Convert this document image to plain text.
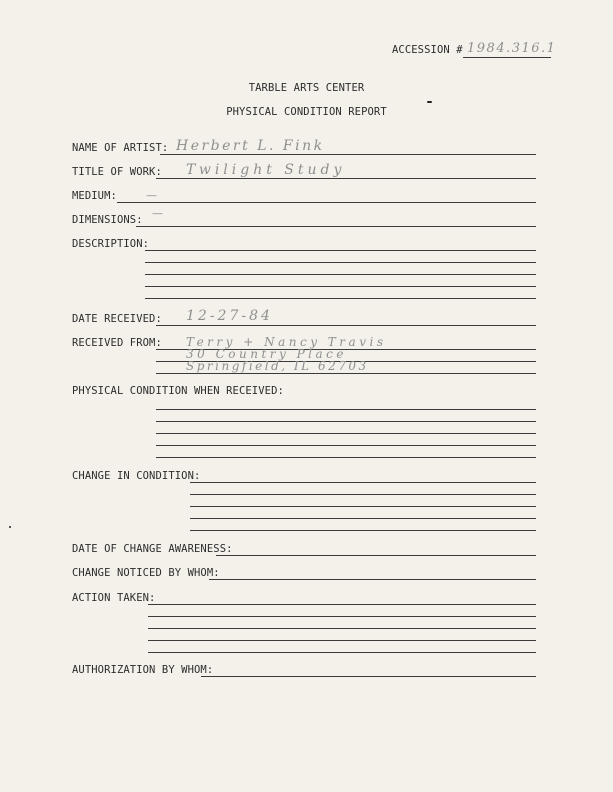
ACCESSION # 1984.316.1
TARBLE ARTS CENTER
PHYSICAL CONDITION REPORT
NAME OF ARTIST: Herbert L. Fink
TITLE OF WORK: Twilight Study
MEDIUM:	—
DIMENSIONS: —
DESCRIPTION:
DATE RECEIVED: 12-27-84
RECEIVED FROM: Terry + Nancy Travis
30 Country Place
Springfield, IL 62703
PHYSICAL CONDITION WHEN RECEIVED:
CHANGE IN CONDITION:
DATE OF CHANGE AWARENESS:
CHANGE NOTICED BY WHOM:
ACTION TAKEN:
AUTHORIZATION BY WHOM:
